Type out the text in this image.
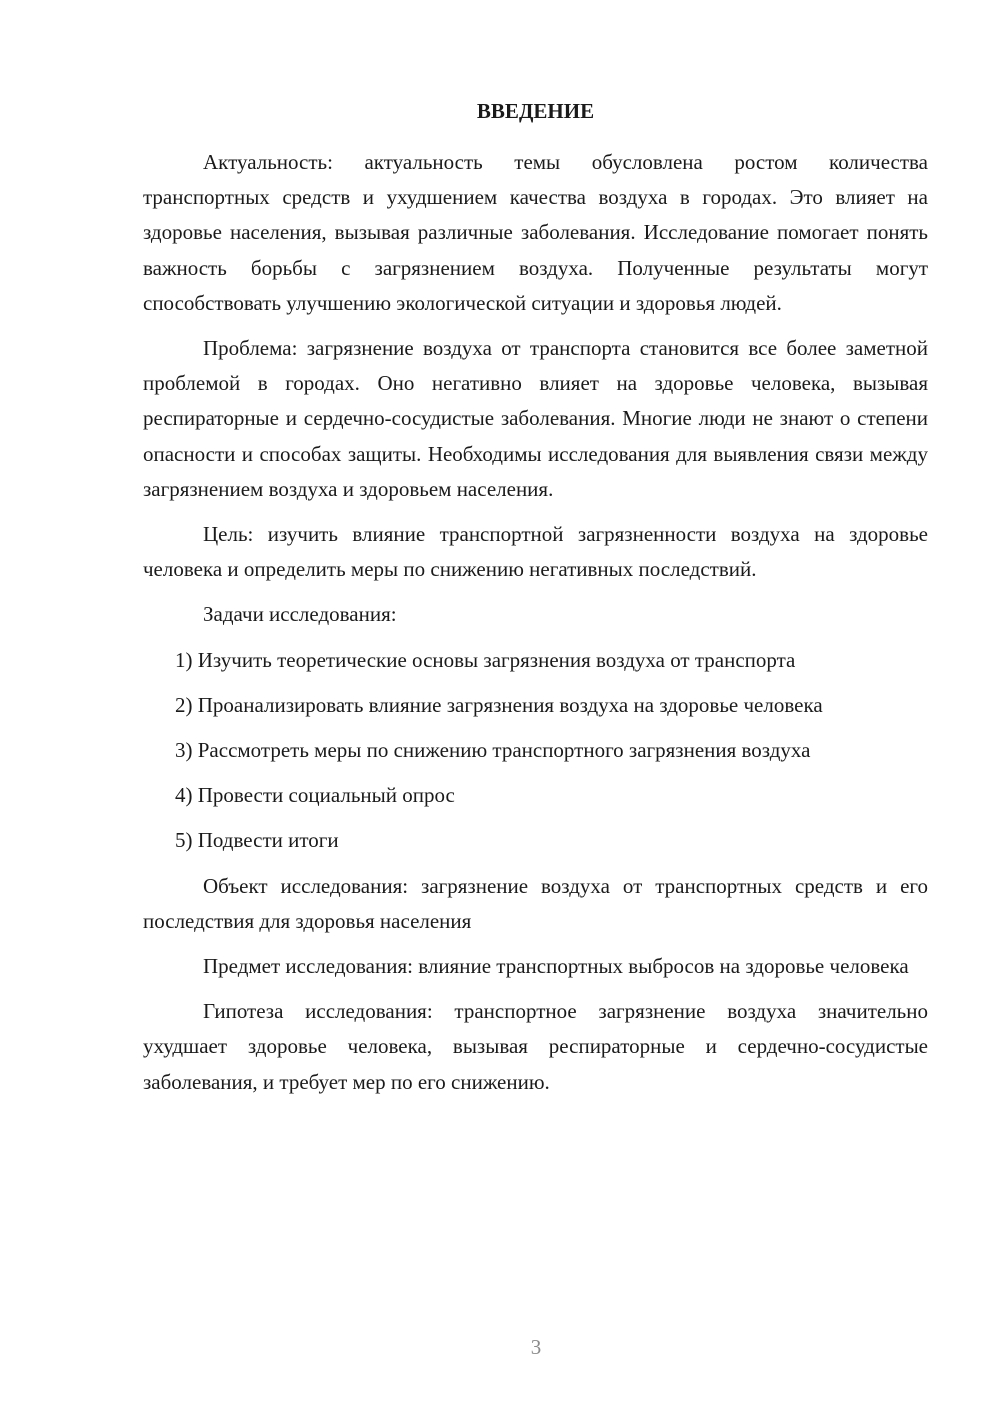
ВВЕДЕНИЕ

Актуальность: актуальность темы обусловлена ростом количества транспортных средств и ухудшением качества воздуха в городах. Это влияет на здоровье населения, вызывая различные заболевания. Исследование помогает понять важность борьбы с загрязнением воздуха. Полученные результаты могут способствовать улучшению экологической ситуации и здоровья людей.

Проблема: загрязнение воздуха от транспорта становится все более заметной проблемой в городах. Оно негативно влияет на здоровье человека, вызывая респираторные и сердечно-сосудистые заболевания. Многие люди не знают о степени опасности и способах защиты. Необходимы исследования для выявления связи между загрязнением воздуха и здоровьем населения.

Цель: изучить влияние транспортной загрязненности воздуха на здоровье человека и определить меры по снижению негативных последствий.

Задачи исследования:

1) Изучить теоретические основы загрязнения воздуха от транспорта

2) Проанализировать влияние загрязнения воздуха на здоровье человека

3) Рассмотреть меры по снижению транспортного загрязнения воздуха

4) Провести социальный опрос

5) Подвести итоги

Объект исследования: загрязнение воздуха от транспортных средств и его последствия для здоровья населения

Предмет исследования: влияние транспортных выбросов на здоровье человека

Гипотеза исследования: транспортное загрязнение воздуха значительно ухудшает здоровье человека, вызывая респираторные и сердечно-сосудистые заболевания, и требует мер по его снижению.

3
